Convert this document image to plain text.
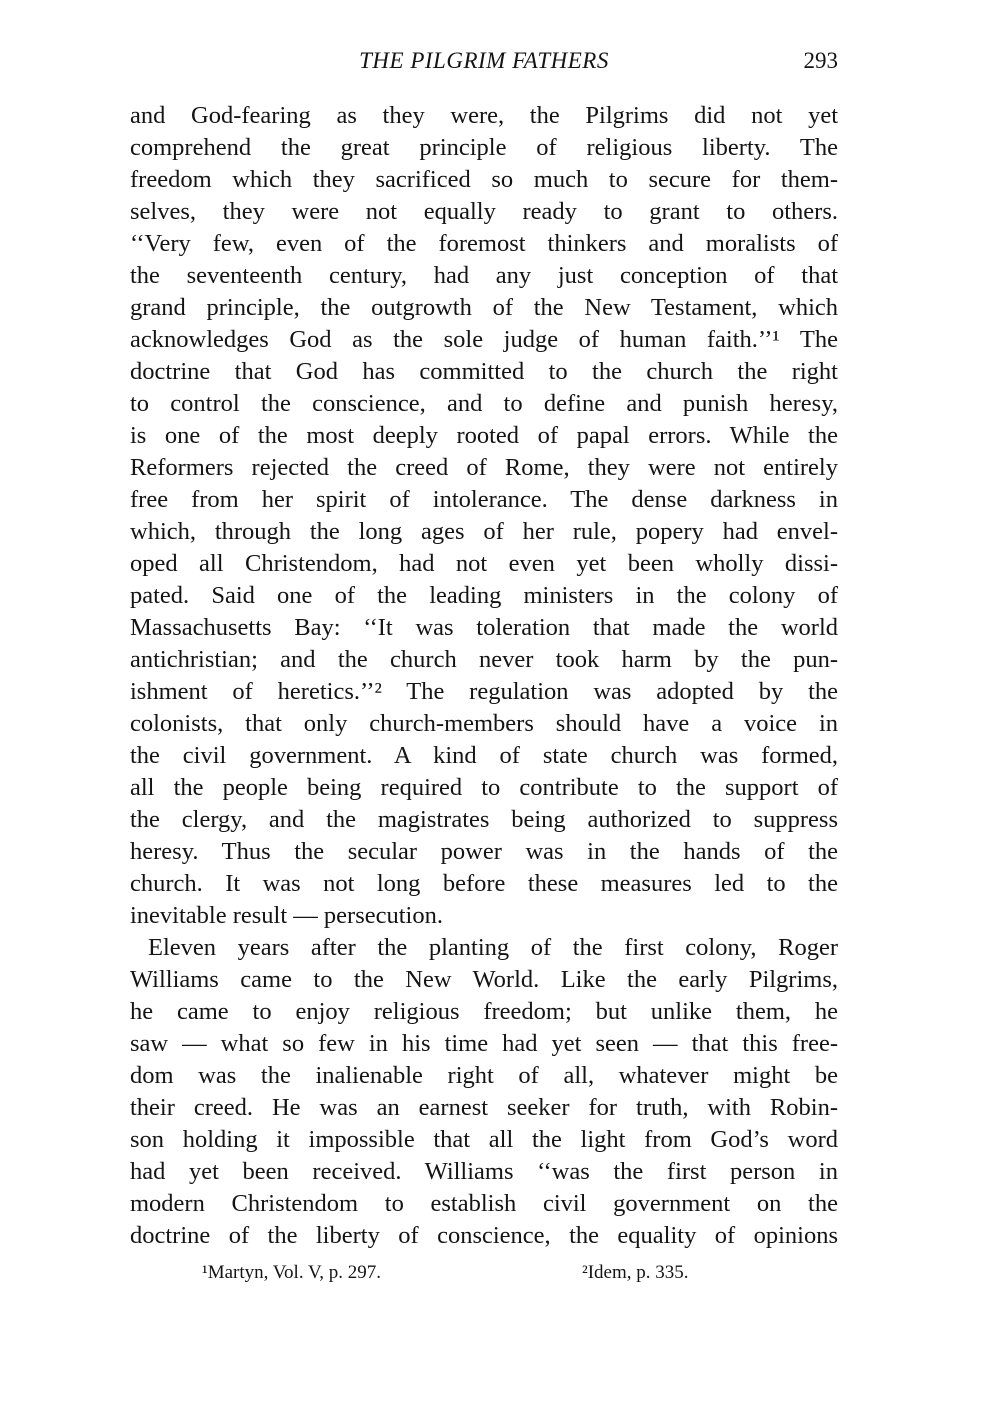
THE PILGRIM FATHERS	293
and God-fearing as they were, the Pilgrims did not yet
comprehend the great principle of religious liberty. The
freedom which they sacrificed so much to secure for them-
selves, they were not equally ready to grant to others.
‘‘Very few, even of the foremost thinkers and moralists of
the seventeenth century, had any just conception of that
grand principle, the outgrowth of the New Testament, which
acknowledges God as the sole judge of human faith.’’¹ The
doctrine that God has committed to the church the right
to control the conscience, and to define and punish heresy,
is one of the most deeply rooted of papal errors. While the
Reformers rejected the creed of Rome, they were not entirely
free from her spirit of intolerance. The dense darkness in
which, through the long ages of her rule, popery had envel-
oped all Christendom, had not even yet been wholly dissi-
pated. Said one of the leading ministers in the colony of
Massachusetts Bay: ‘‘It was toleration that made the world
antichristian; and the church never took harm by the pun-
ishment of heretics.’’² The regulation was adopted by the
colonists, that only church-members should have a voice in
the civil government. A kind of state church was formed,
all the people being required to contribute to the support of
the clergy, and the magistrates being authorized to suppress
heresy. Thus the secular power was in the hands of the
church. It was not long before these measures led to the
inevitable result — persecution.
Eleven years after the planting of the first colony, Roger
Williams came to the New World. Like the early Pilgrims,
he came to enjoy religious freedom; but unlike them, he
saw — what so few in his time had yet seen — that this free-
dom was the inalienable right of all, whatever might be
their creed. He was an earnest seeker for truth, with Robin-
son holding it impossible that all the light from God’s word
had yet been received. Williams ‘‘was the first person in
modern Christendom to establish civil government on the
doctrine of the liberty of conscience, the equality of opinions
¹Martyn, Vol. V, p. 297.	²Idem, p. 335.
